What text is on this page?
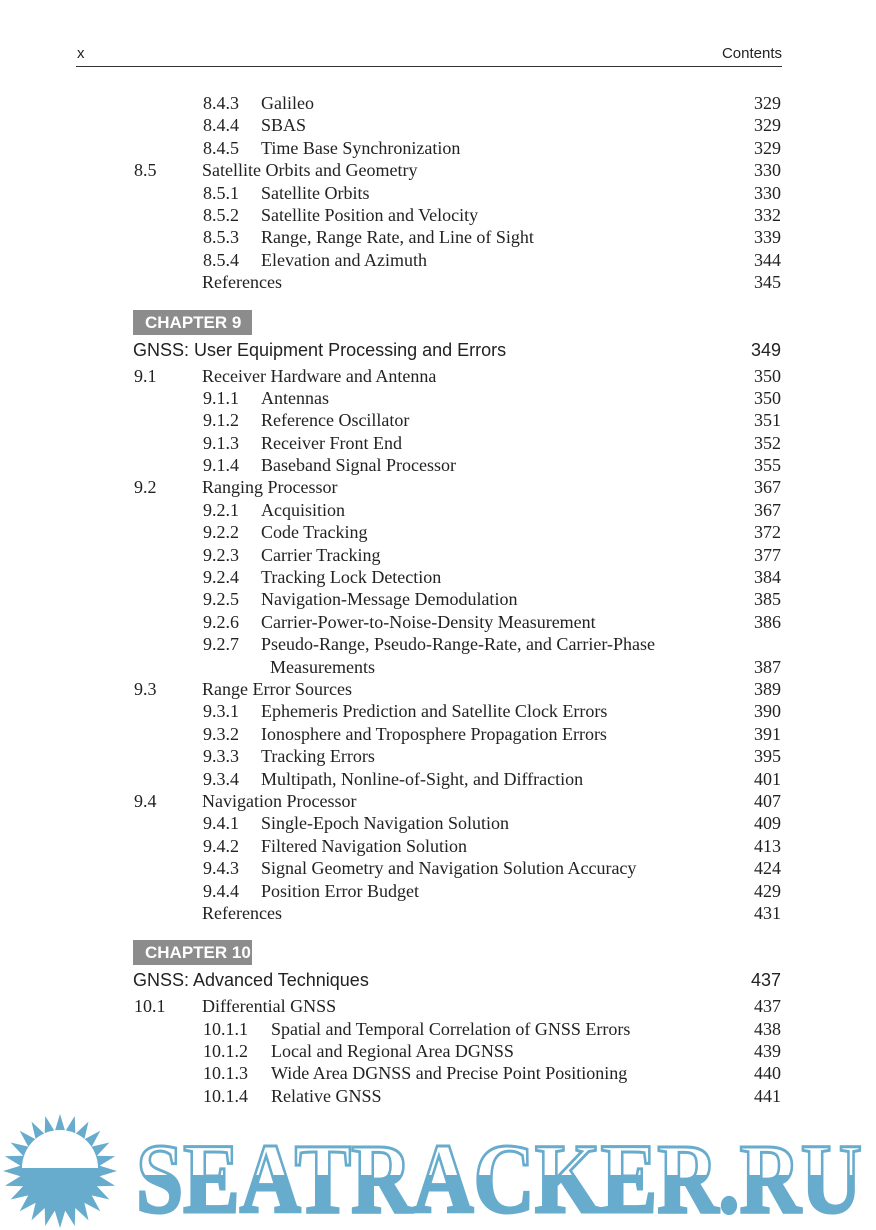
x	Contents
8.4.3 Galileo	329
8.4.4 SBAS	329
8.4.5 Time Base Synchronization	329
8.5	Satellite Orbits and Geometry	330
8.5.1 Satellite Orbits	330
8.5.2 Satellite Position and Velocity	332
8.5.3 Range, Range Rate, and Line of Sight	339
8.5.4 Elevation and Azimuth	344
References	345
CHAPTER 9
GNSS: User Equipment Processing and Errors	349
9.1	Receiver Hardware and Antenna	350
9.1.1 Antennas	350
9.1.2 Reference Oscillator	351
9.1.3 Receiver Front End	352
9.1.4 Baseband Signal Processor	355
9.2	Ranging Processor	367
9.2.1 Acquisition	367
9.2.2 Code Tracking	372
9.2.3 Carrier Tracking	377
9.2.4 Tracking Lock Detection	384
9.2.5 Navigation-Message Demodulation	385
9.2.6 Carrier-Power-to-Noise-Density Measurement	386
9.2.7 Pseudo-Range, Pseudo-Range-Rate, and Carrier-Phase
Measurements	387
9.3	Range Error Sources	389
9.3.1 Ephemeris Prediction and Satellite Clock Errors	390
9.3.2 Ionosphere and Troposphere Propagation Errors	391
9.3.3 Tracking Errors	395
9.3.4 Multipath, Nonline-of-Sight, and Diffraction	401
9.4	Navigation Processor	407
9.4.1 Single-Epoch Navigation Solution	409
9.4.2 Filtered Navigation Solution	413
9.4.3 Signal Geometry and Navigation Solution Accuracy	424
9.4.4 Position Error Budget	429
References	431
CHAPTER 10
GNSS: Advanced Techniques	437
10.1 Differential GNSS	437
10.1.1 Spatial and Temporal Correlation of GNSS Errors	438
10.1.2 Local and Regional Area DGNSS	439
10.1.3 Wide Area DGNSS and Precise Point Positioning	440
10.1.4 Relative GNSS	441
SEATRACKER.RU
